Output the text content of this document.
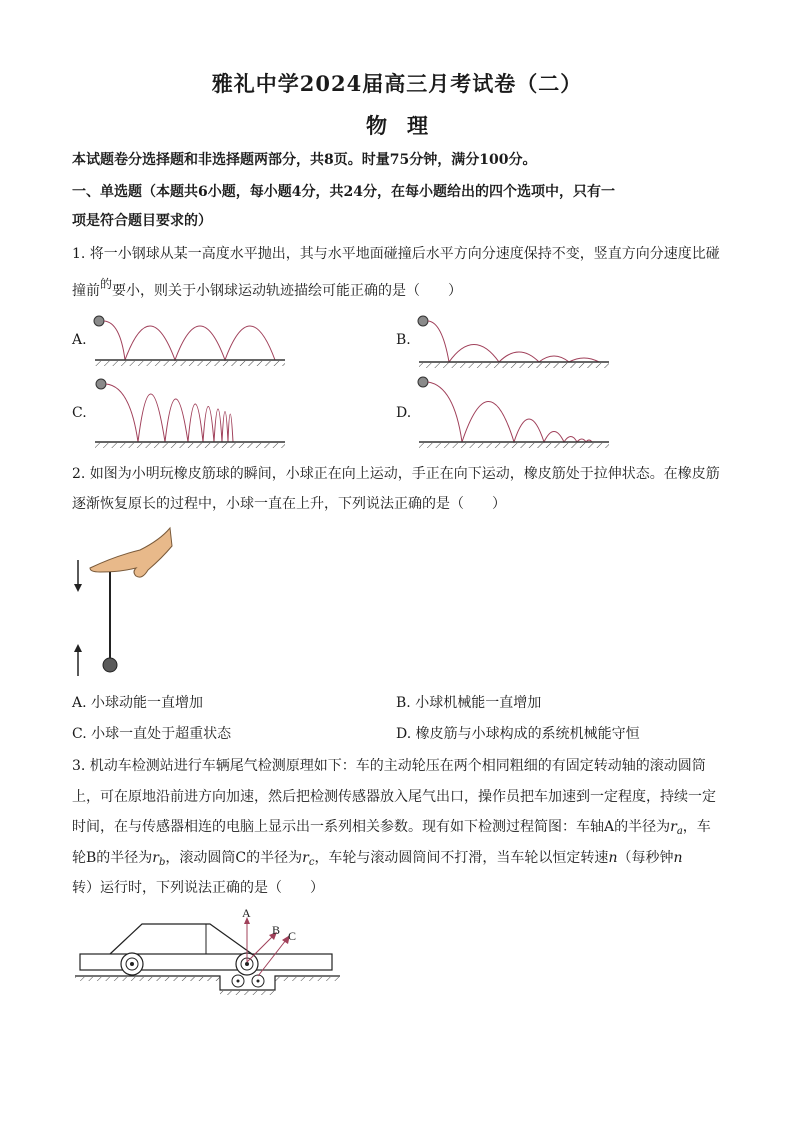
雅礼中学2024届高三月考试卷（二）
物 理
本试题卷分选择题和非选择题两部分，共8页。时量75分钟，满分100分。
一、单选题（本题共6小题，每小题4分，共24分，在每小题给出的四个选项中，只有一
项是符合题目要求的）
1. 将一小钢球从某一高度水平抛出，其与水平地面碰撞后水平方向分速度保持不变，竖直方向分速度比碰
撞前的要小，则关于小钢球运动轨迹描绘可能正确的是（　　）
A.	B.
C.	D.
2. 如图为小明玩橡皮筋球的瞬间，小球正在向上运动，手正在向下运动，橡皮筋处于拉伸状态。在橡皮筋
逐渐恢复原长的过程中，小球一直在上升，下列说法正确的是（　　）
A. 小球动能一直增加	B. 小球机械能一直增加
C. 小球一直处于超重状态	D. 橡皮筋与小球构成的系统机械能守恒
3. 机动车检测站进行车辆尾气检测原理如下：车的主动轮压在两个相同粗细的有固定转动轴的滚动圆筒
上，可在原地沿前进方向加速，然后把检测传感器放入尾气出口，操作员把车加速到一定程度，持续一定
时间，在与传感器相连的电脑上显示出一系列相关参数。现有如下检测过程简图：车轴A的半径为$r_a$，车
轮B的半径为$r_b$，滚动圆筒C的半径为$r_c$，车轮与滚动圆筒间不打滑，当车轮以恒定转速n（每秒钟n
转）运行时，下列说法正确的是（　　）
A
B C
